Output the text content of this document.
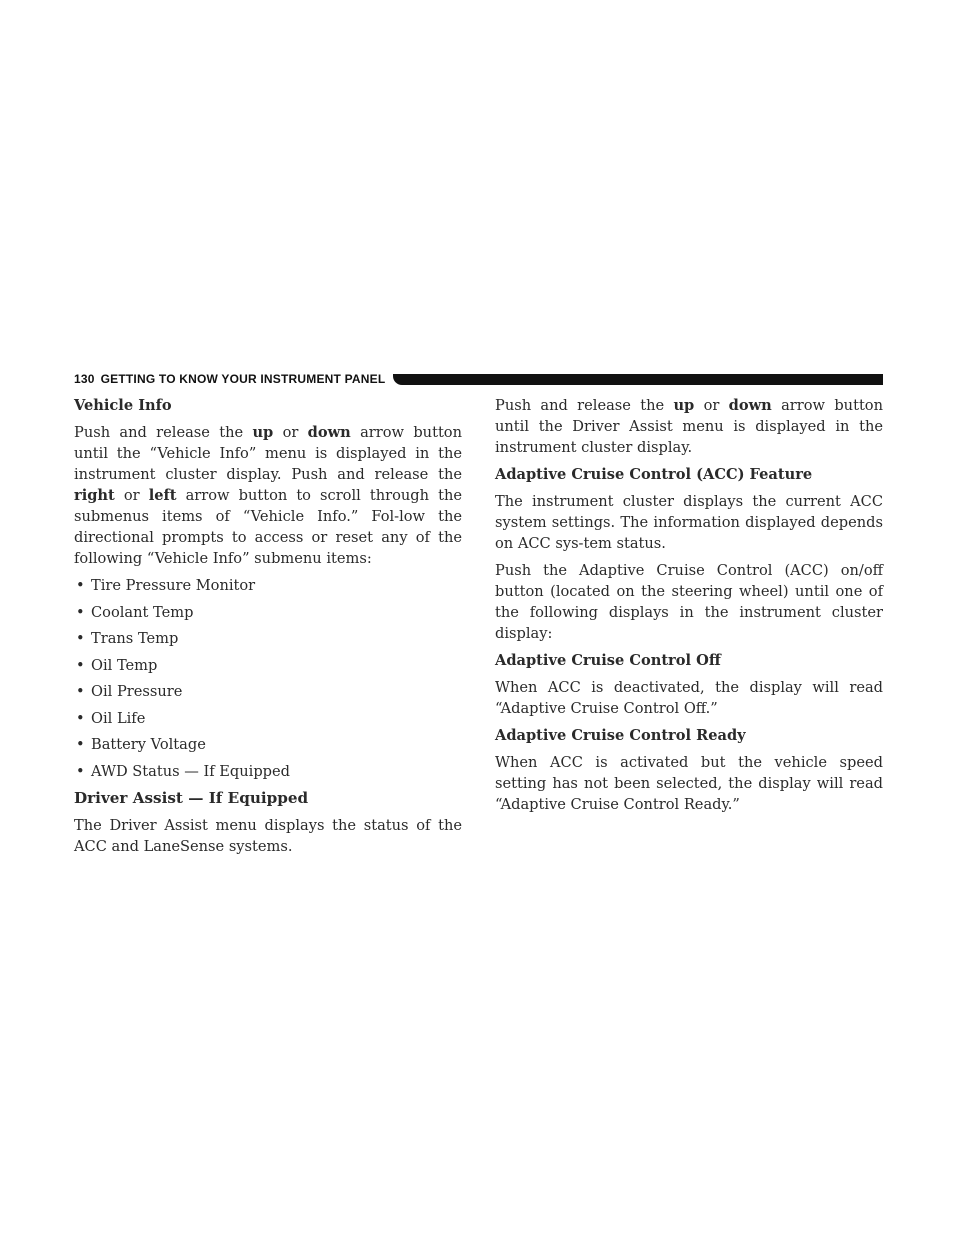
130 GETTING TO KNOW YOUR INSTRUMENT PANEL
Vehicle Info

Push and release the up or down arrow button until the “Vehicle Info” menu is displayed in the instrument cluster display. Push and release the right or left arrow button to scroll through the submenus items of “Vehicle Info.” Fol-low the directional prompts to access or reset any of the following “Vehicle Info” submenu items:

• Tire Pressure Monitor
• Coolant Temp
• Trans Temp
• Oil Temp
• Oil Pressure
• Oil Life
• Battery Voltage
• AWD Status — If Equipped
Driver Assist — If Equipped

The Driver Assist menu displays the status of the ACC and LaneSense systems.

Push and release the up or down arrow button until the Driver Assist menu is displayed in the instrument cluster display.

Adaptive Cruise Control (ACC) Feature

The instrument cluster displays the current ACC system settings. The information displayed depends on ACC sys-tem status.

Push the Adaptive Cruise Control (ACC) on/off button (located on the steering wheel) until one of the following displays in the instrument cluster display:

Adaptive Cruise Control Off

When ACC is deactivated, the display will read “Adaptive Cruise Control Off.”

Adaptive Cruise Control Ready

When ACC is activated but the vehicle speed setting has not been selected, the display will read “Adaptive Cruise Control Ready.”
